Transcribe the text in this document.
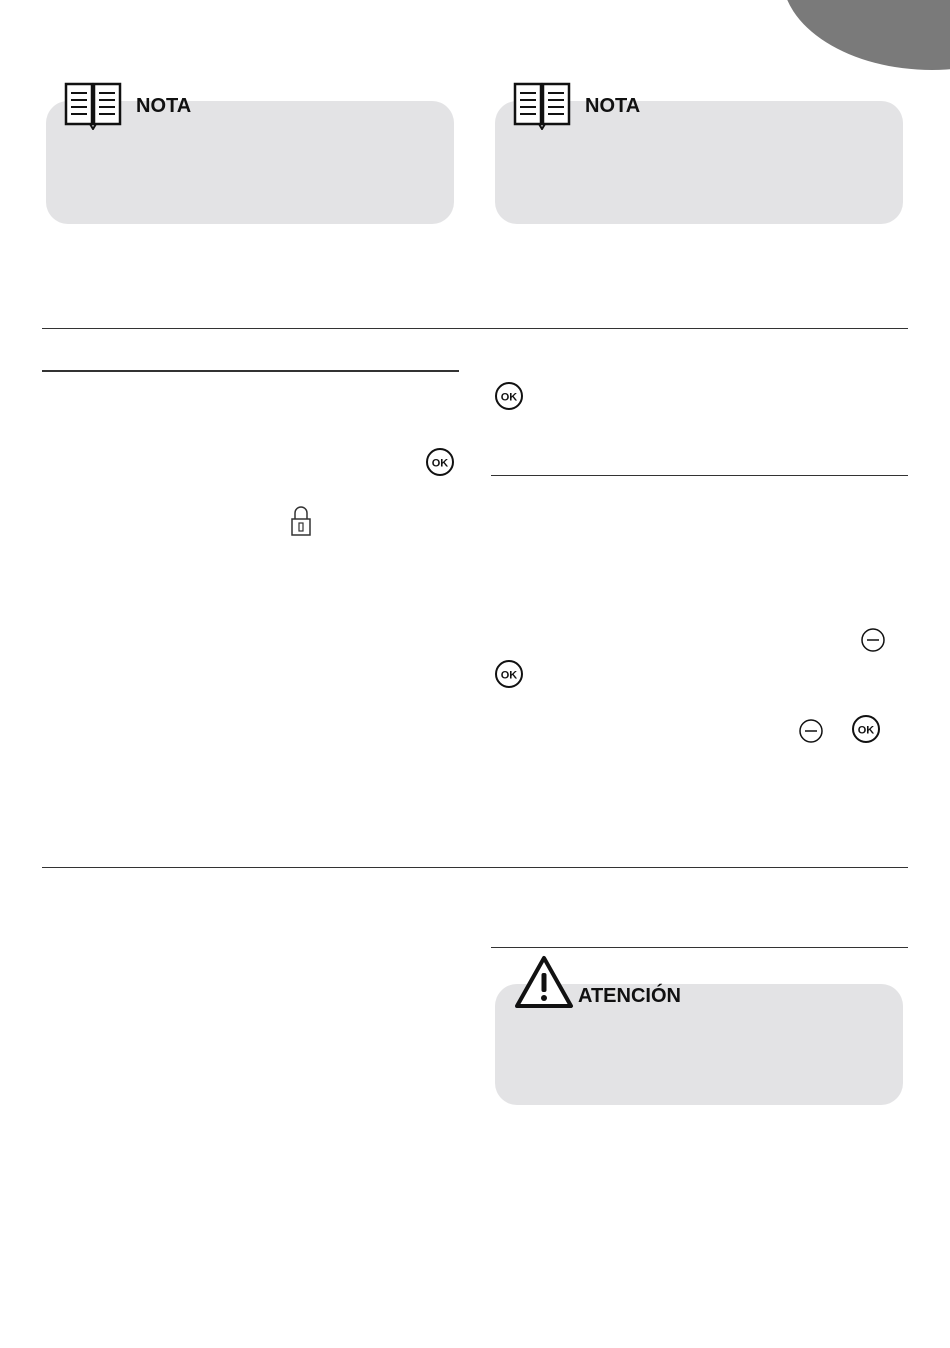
NOTA	NOTA
OK
OK
OK
OK
ATENCIÓN
